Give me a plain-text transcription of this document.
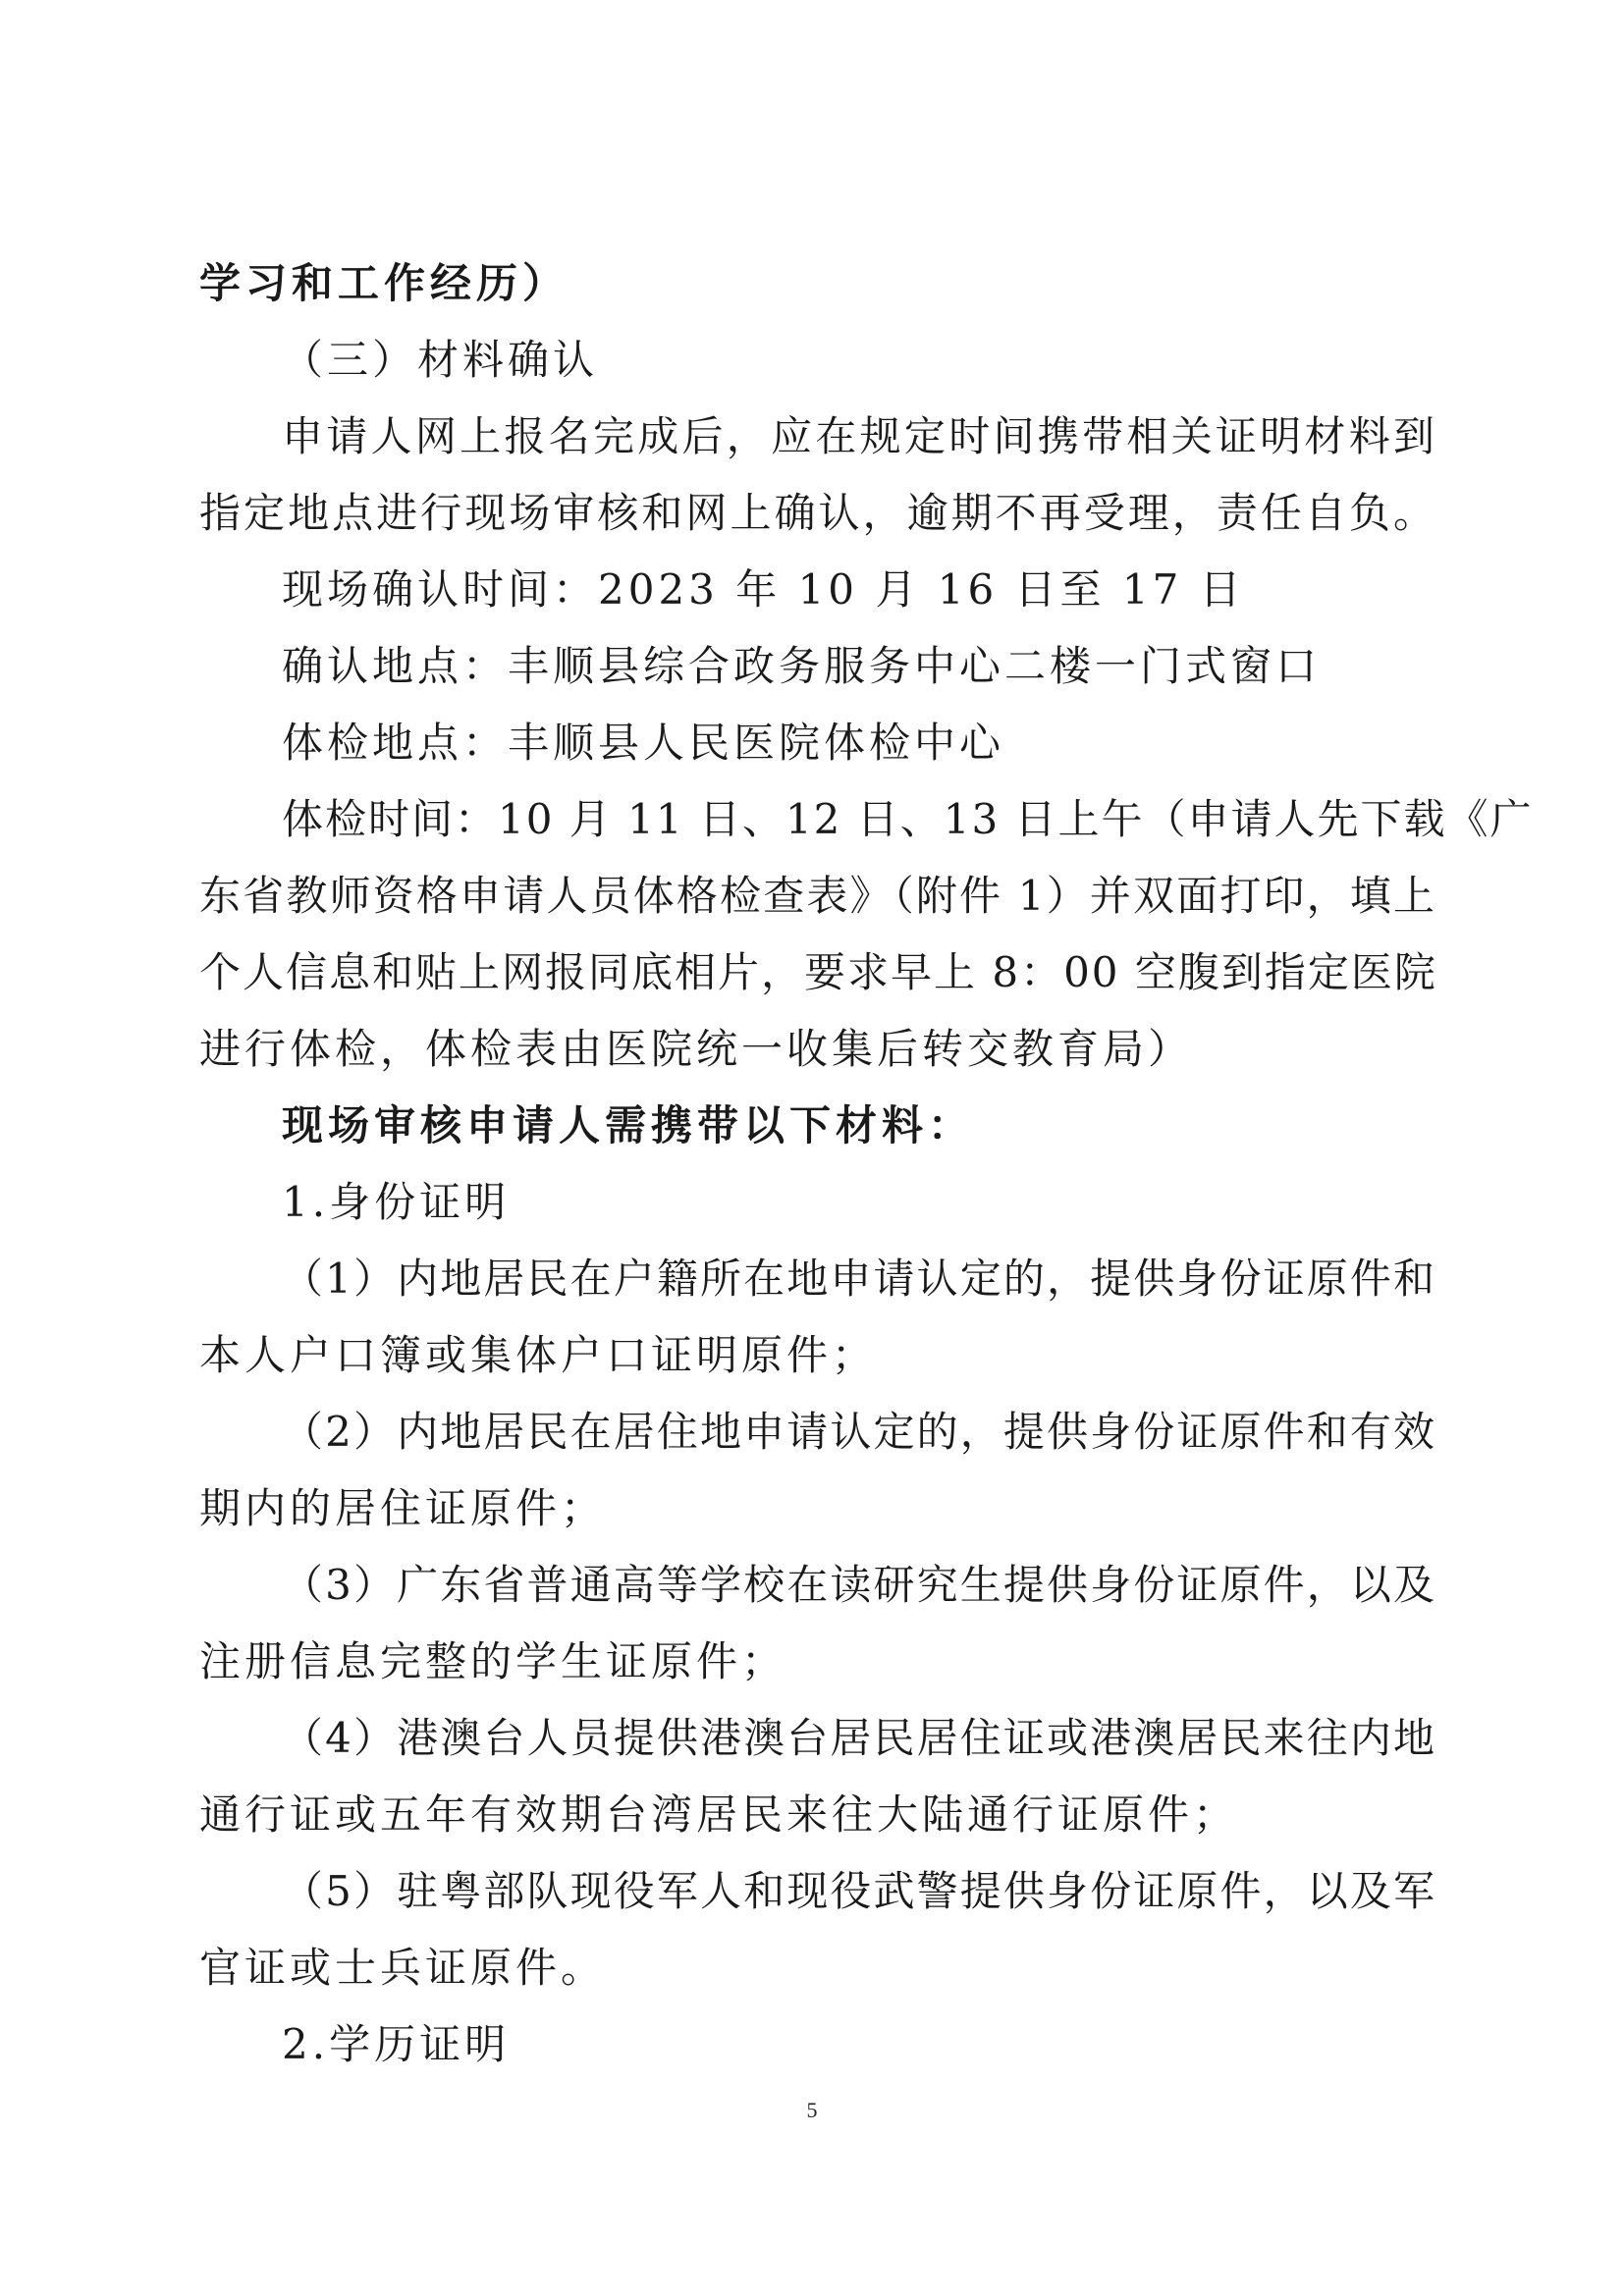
学习和工作经历）
（三）材料确认
申请人网上报名完成后，应在规定时间携带相关证明材料到
指定地点进行现场审核和网上确认，逾期不再受理，责任自负。
现场确认时间：2023 年 10 月 16 日至 17 日
确认地点：丰顺县综合政务服务中心二楼一门式窗口
体检地点：丰顺县人民医院体检中心
体检时间：10 月 11 日、12 日、13 日上午（申请人先下载《广
东省教师资格申请人员体格检查表》（附件 1）并双面打印，填上
个人信息和贴上网报同底相片，要求早上 8：00 空腹到指定医院
进行体检，体检表由医院统一收集后转交教育局）
现场审核申请人需携带以下材料：
1.身份证明
（1）内地居民在户籍所在地申请认定的，提供身份证原件和
本人户口簿或集体户口证明原件；
（2）内地居民在居住地申请认定的，提供身份证原件和有效
期内的居住证原件；
（3）广东省普通高等学校在读研究生提供身份证原件，以及
注册信息完整的学生证原件；
（4）港澳台人员提供港澳台居民居住证或港澳居民来往内地
通行证或五年有效期台湾居民来往大陆通行证原件；
（5）驻粤部队现役军人和现役武警提供身份证原件，以及军
官证或士兵证原件。
2.学历证明
5
